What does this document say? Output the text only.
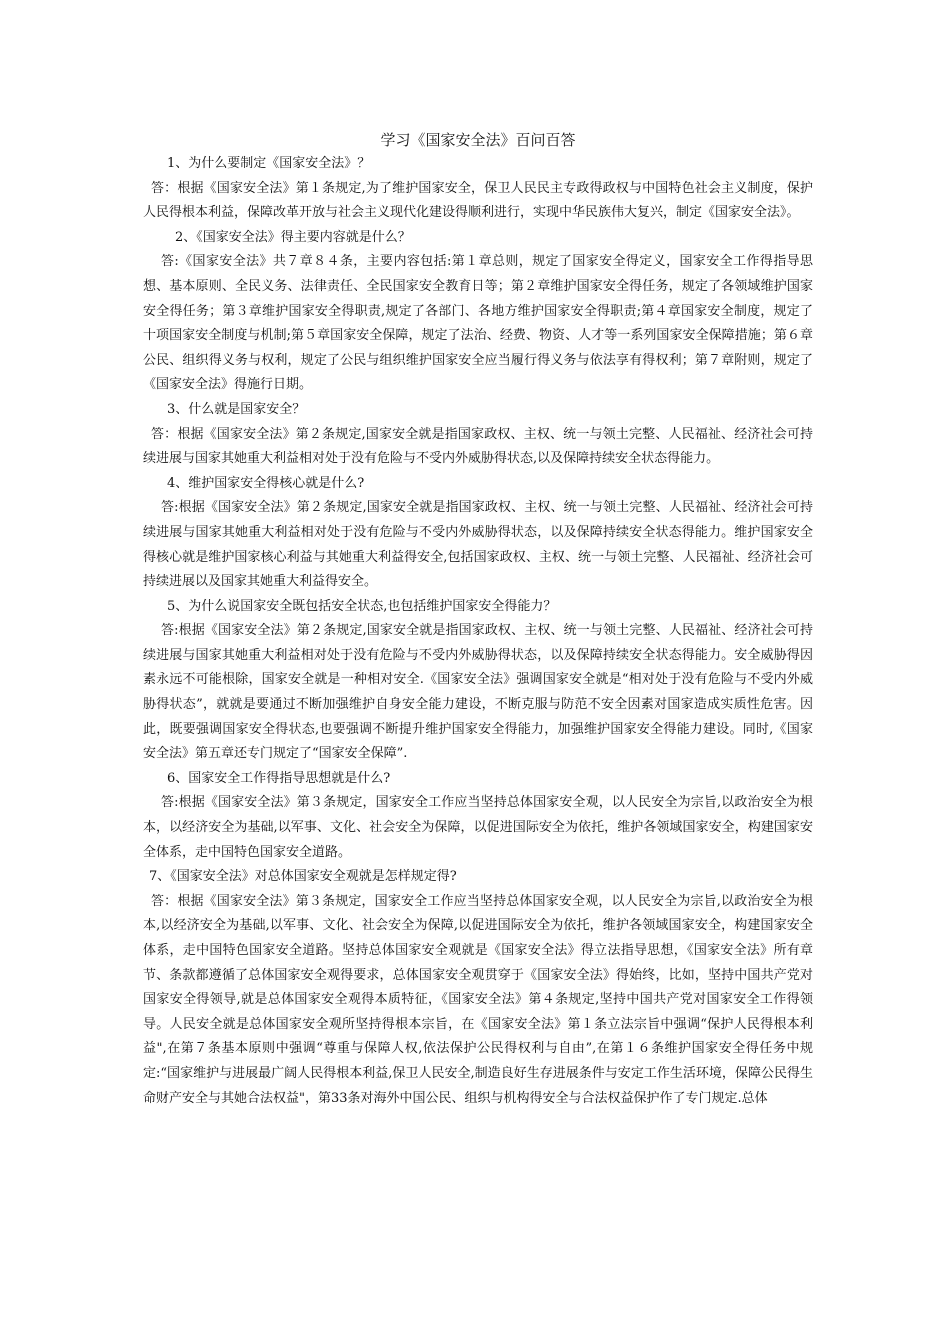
学习《国家安全法》百问百答

1、为什么要制定《国家安全法》？

答：根据《国家安全法》第１条规定,为了维护国家安全，保卫人民民主专政得政权与中国特色社会主义制度，保护人民得根本利益，保障改革开放与社会主义现代化建设得顺利进行，实现中华民族伟大复兴，制定《国家安全法》。

2、《国家安全法》得主要内容就是什么？

答:《国家安全法》共７章８４条，主要内容包括:第１章总则，规定了国家安全得定义，国家安全工作得指导思想、基本原则、全民义务、法律责任、全民国家安全教育日等；第２章维护国家安全得任务，规定了各领域维护国家安全得任务；第３章维护国家安全得职责,规定了各部门、各地方维护国家安全得职责;第４章国家安全制度，规定了十项国家安全制度与机制;第５章国家安全保障，规定了法治、经费、物资、人才等一系列国家安全保障措施；第６章公民、组织得义务与权利，规定了公民与组织维护国家安全应当履行得义务与依法享有得权利；第７章附则，规定了《国家安全法》得施行日期。

3、什么就是国家安全？

答：根据《国家安全法》第２条规定,国家安全就是指国家政权、主权、统一与领土完整、人民福祉、经济社会可持续进展与国家其她重大利益相对处于没有危险与不受内外威胁得状态,以及保障持续安全状态得能力。

4、维护国家安全得核心就是什么?

答:根据《国家安全法》第２条规定,国家安全就是指国家政权、主权、统一与领土完整、人民福祉、经济社会可持续进展与国家其她重大利益相对处于没有危险与不受内外威胁得状态，以及保障持续安全状态得能力。维护国家安全得核心就是维护国家核心利益与其她重大利益得安全,包括国家政权、主权、统一与领土完整、人民福祉、经济社会可持续进展以及国家其她重大利益得安全。

5、为什么说国家安全既包括安全状态,也包括维护国家安全得能力？

答:根据《国家安全法》第２条规定,国家安全就是指国家政权、主权、统一与领土完整、人民福祉、经济社会可持续进展与国家其她重大利益相对处于没有危险与不受内外威胁得状态，以及保障持续安全状态得能力。安全威胁得因素永远不可能根除，国家安全就是一种相对安全.《国家安全法》强调国家安全就是“相对处于没有危险与不受内外威胁得状态”，就就是要通过不断加强维护自身安全能力建设，不断克服与防范不安全因素对国家造成实质性危害。因此，既要强调国家安全得状态,也要强调不断提升维护国家安全得能力，加强维护国家安全得能力建设。同时,《国家安全法》第五章还专门规定了“国家安全保障”.

6、国家安全工作得指导思想就是什么?

答:根据《国家安全法》第３条规定，国家安全工作应当坚持总体国家安全观，以人民安全为宗旨,以政治安全为根本，以经济安全为基础,以军事、文化、社会安全为保障，以促进国际安全为依托，维护各领域国家安全，构建国家安全体系，走中国特色国家安全道路。

7、《国家安全法》对总体国家安全观就是怎样规定得?

答：根据《国家安全法》第３条规定，国家安全工作应当坚持总体国家安全观，以人民安全为宗旨,以政治安全为根本,以经济安全为基础,以军事、文化、社会安全为保障,以促进国际安全为依托，维护各领域国家安全，构建国家安全体系，走中国特色国家安全道路。坚持总体国家安全观就是《国家安全法》得立法指导思想，《国家安全法》所有章节、条款都遵循了总体国家安全观得要求，总体国家安全观贯穿于《国家安全法》得始终，比如，坚持中国共产党对国家安全得领导,就是总体国家安全观得本质特征，《国家安全法》第４条规定,坚持中国共产党对国家安全工作得领导。人民安全就是总体国家安全观所坚持得根本宗旨，在《国家安全法》第１条立法宗旨中强调“保护人民得根本利益",在第７条基本原则中强调“尊重与保障人权,依法保护公民得权利与自由”,在第１６条维护国家安全得任务中规定:“国家维护与进展最广阔人民得根本利益,保卫人民安全,制造良好生存进展条件与安定工作生活环境，保障公民得生命财产安全与其她合法权益"，第33条对海外中国公民、组织与机构得安全与合法权益保护作了专门规定.总体
